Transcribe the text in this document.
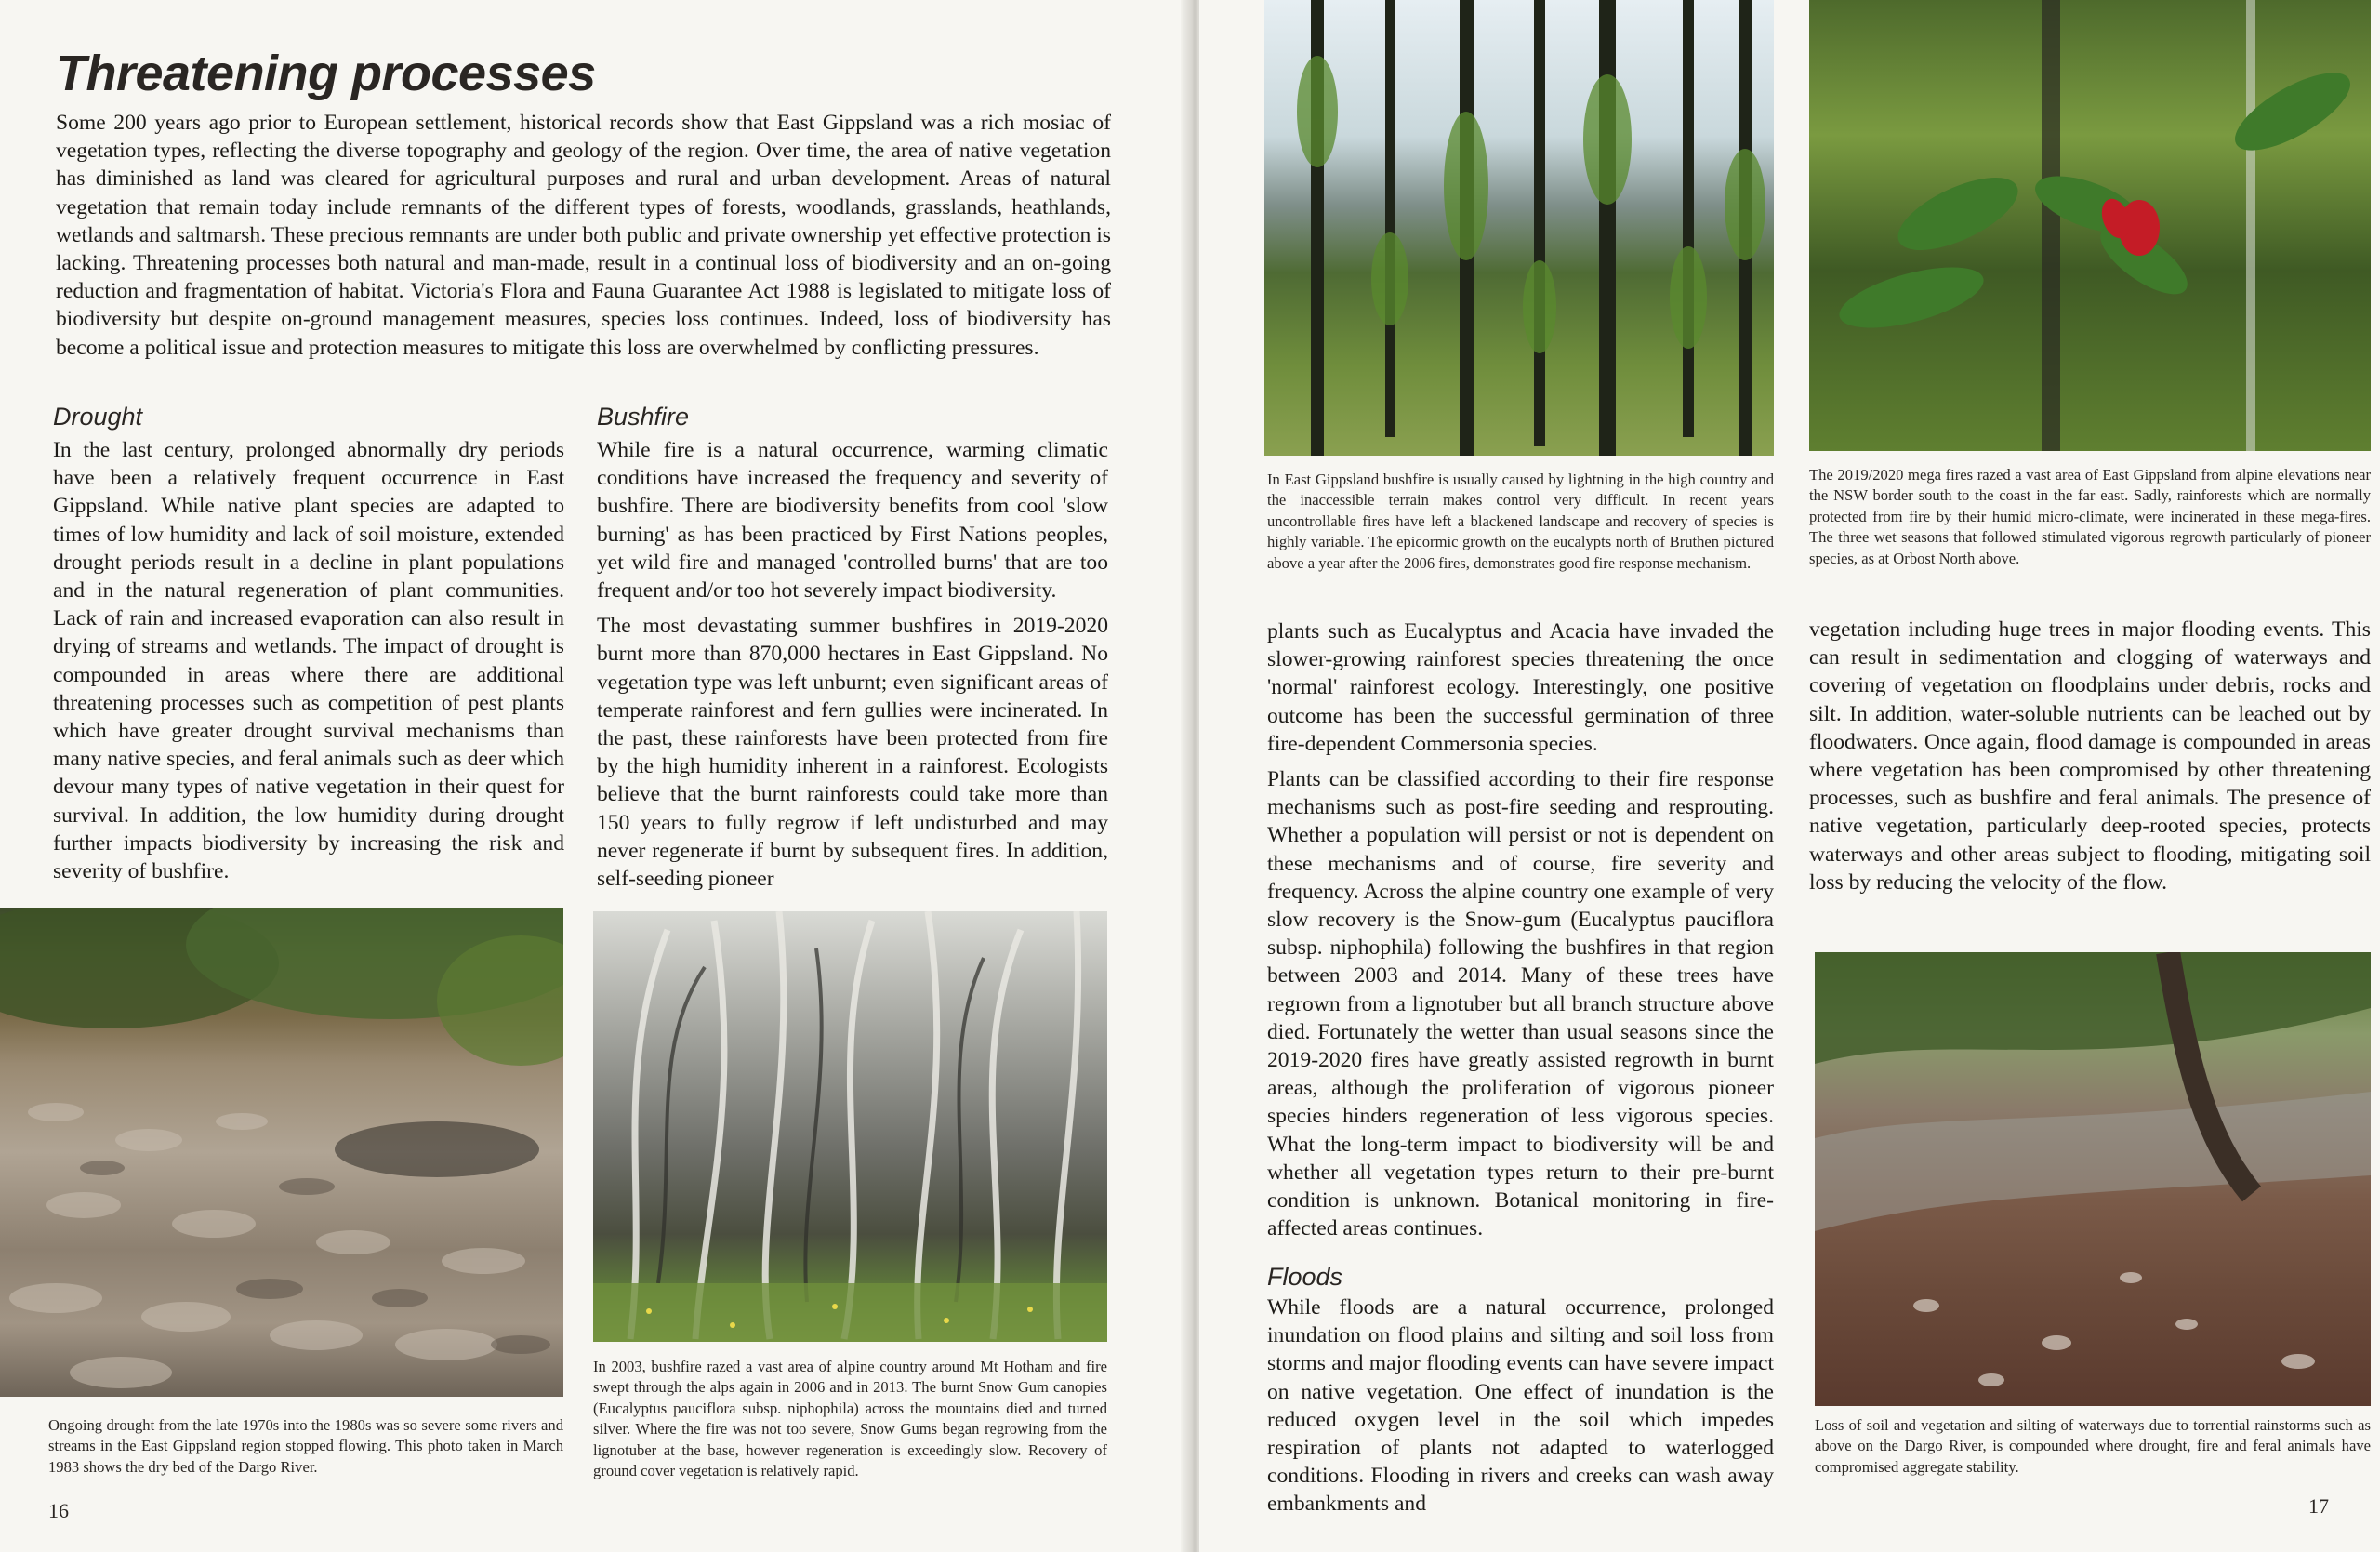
Threatening processes

Some 200 years ago prior to European settlement, historical records show that East Gippsland was a rich mosiac of vegetation types, reflecting the diverse topography and geology of the region. Over time, the area of native vegetation has diminished as land was cleared for agricultural purposes and rural and urban development. Areas of natural vegetation that remain today include remnants of the different types of forests, woodlands, grasslands, heathlands, wetlands and saltmarsh. These precious remnants are under both public and private ownership yet effective protection is lacking. Threatening processes both natural and man-made, result in a continual loss of biodiversity and an on-going reduction and fragmentation of habitat. Victoria's Flora and Fauna Guarantee Act 1988 is legislated to mitigate loss of biodiversity but despite on-ground management measures, species loss continues. Indeed, loss of biodiversity has become a political issue and protection measures to mitigate this loss are overwhelmed by conflicting pressures.

Drought

In the last century, prolonged abnormally dry periods have been a relatively frequent occurrence in East Gippsland. While native plant species are adapted to times of low humidity and lack of soil moisture, extended drought periods result in a decline in plant populations and in the natural regeneration of plant communities. Lack of rain and increased evaporation can also result in drying of streams and wetlands. The impact of drought is compounded in areas where there are additional threatening processes such as competition of pest plants which have greater drought survival mechanisms than many native species, and feral animals such as deer which devour many types of native vegetation in their quest for survival. In addition, the low humidity during drought further impacts biodiversity by increasing the risk and severity of bushfire.

Bushfire

While fire is a natural occurrence, warming climatic conditions have increased the frequency and severity of bushfire. There are biodiversity benefits from cool 'slow burning' as has been practiced by First Nations peoples, yet wild fire and managed 'controlled burns' that are too frequent and/or too hot severely impact biodiversity.

The most devastating summer bushfires in 2019-2020 burnt more than 870,000 hectares in East Gippsland. No vegetation type was left unburnt; even significant areas of temperate rainforest and fern gullies were incinerated. In the past, these rainforests have been protected from fire by the high humidity inherent in a rainforest. Ecologists believe that the burnt rainforests could take more than 150 years to fully regrow if left undisturbed and may never regenerate if burnt by subsequent fires. In addition, self-seeding pioneer

Ongoing drought from the late 1970s into the 1980s was so severe some rivers and streams in the East Gippsland region stopped flowing. This photo taken in March 1983 shows the dry bed of the Dargo River.

In 2003, bushfire razed a vast area of alpine country around Mt Hotham and fire swept through the alps again in 2006 and in 2013. The burnt Snow Gum canopies (Eucalyptus pauciflora subsp. niphophila) across the mountains died and turned silver. Where the fire was not too severe, Snow Gums began regrowing from the lignotuber at the base, however regeneration is exceedingly slow. Recovery of ground cover vegetation is relatively rapid.

16

In East Gippsland bushfire is usually caused by lightning in the high country and the inaccessible terrain makes control very difficult. In recent years uncontrollable fires have left a blackened landscape and recovery of species is highly variable. The epicormic growth on the eucalypts north of Bruthen pictured above a year after the 2006 fires, demonstrates good fire response mechanism.

The 2019/2020 mega fires razed a vast area of East Gippsland from alpine elevations near the NSW border south to the coast in the far east. Sadly, rainforests which are normally protected from fire by their humid micro-climate, were incinerated in these mega-fires. The three wet seasons that followed stimulated vigorous regrowth particularly of pioneer species, as at Orbost North above.

plants such as Eucalyptus and Acacia have invaded the slower-growing rainforest species threatening the once 'normal' rainforest ecology. Interestingly, one positive outcome has been the successful germination of three fire-dependent Commersonia species.

Plants can be classified according to their fire response mechanisms such as post-fire seeding and resprouting. Whether a population will persist or not is dependent on these mechanisms and of course, fire severity and frequency. Across the alpine country one example of very slow recovery is the Snow-gum (Eucalyptus pauciflora subsp. niphophila) following the bushfires in that region between 2003 and 2014. Many of these trees have regrown from a lignotuber but all branch structure above died. Fortunately the wetter than usual seasons since the 2019-2020 fires have greatly assisted regrowth in burnt areas, although the proliferation of vigorous pioneer species hinders regeneration of less vigorous species. What the long-term impact to biodiversity will be and whether all vegetation types return to their pre-burnt condition is unknown. Botanical monitoring in fire-affected areas continues.

Floods

While floods are a natural occurrence, prolonged inundation on flood plains and silting and soil loss from storms and major flooding events can have severe impact on native vegetation. One effect of inundation is the reduced oxygen level in the soil which impedes respiration of plants not adapted to waterlogged conditions. Flooding in rivers and creeks can wash away embankments and

vegetation including huge trees in major flooding events. This can result in sedimentation and clogging of waterways and covering of vegetation on floodplains under debris, rocks and silt. In addition, water-soluble nutrients can be leached out by floodwaters. Once again, flood damage is compounded in areas where vegetation has been compromised by other threatening processes, such as bushfire and feral animals. The presence of native vegetation, particularly deep-rooted species, protects waterways and other areas subject to flooding, mitigating soil loss by reducing the velocity of the flow.

Loss of soil and vegetation and silting of waterways due to torrential rainstorms such as above on the Dargo River, is compounded where drought, fire and feral animals have compromised aggregate stability.

17
